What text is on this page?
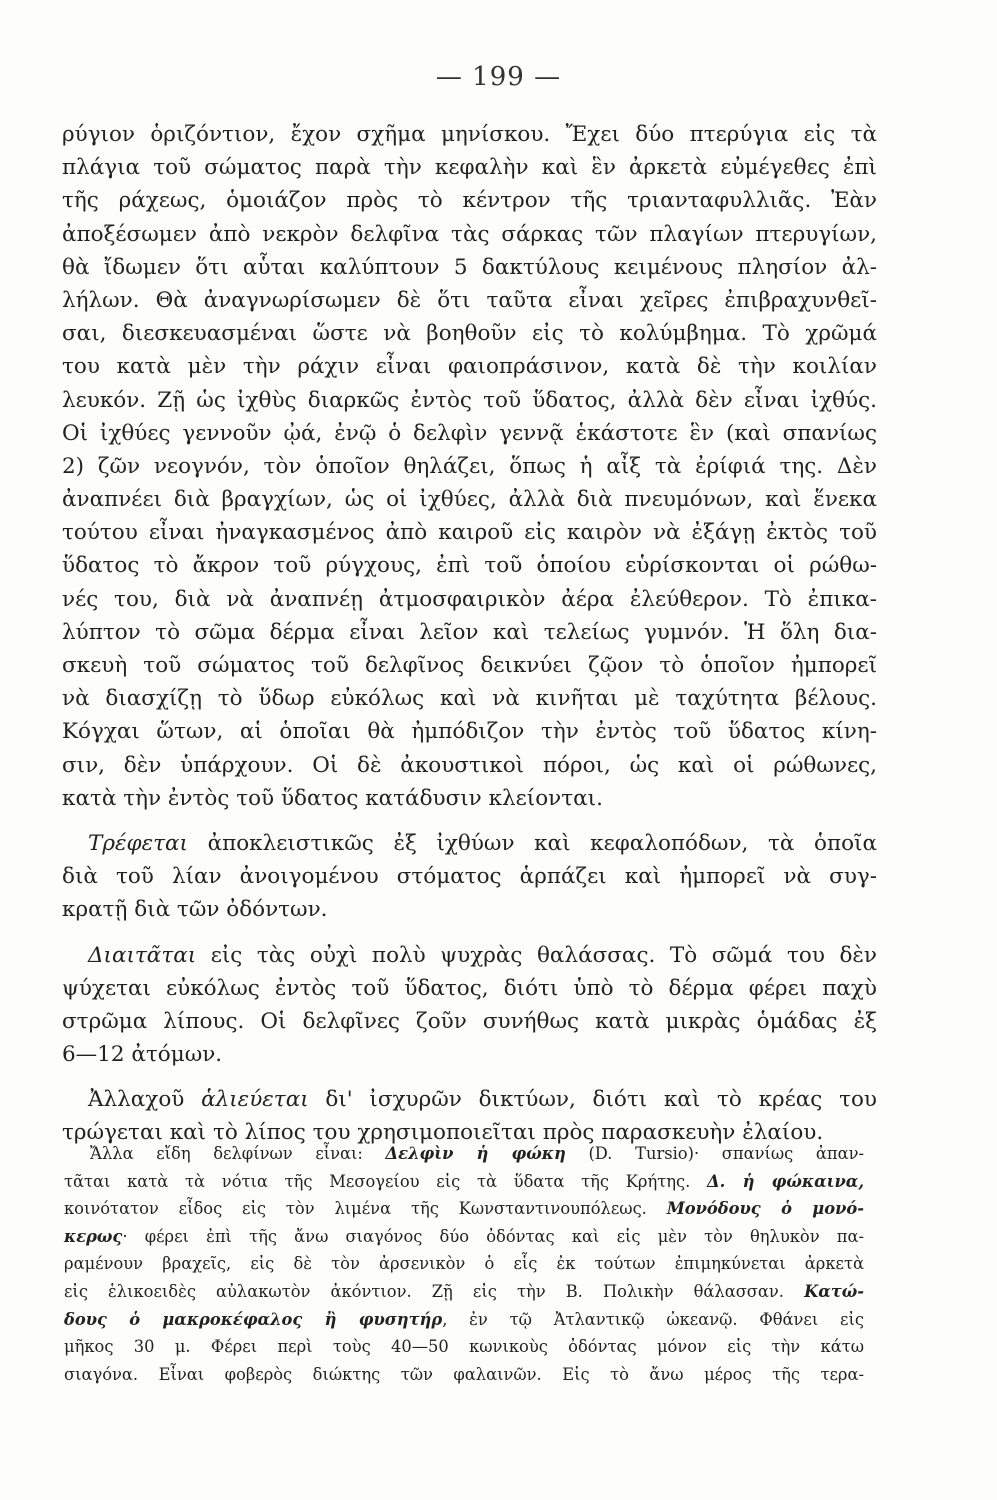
— 199 —
ρύγιον ὁριζόντιον, ἔχον σχῆμα μηνίσκου. Ἔχει δύο πτερύγια εἰς τὰ
πλάγια τοῦ σώματος παρὰ τὴν κεφαλὴν καὶ ἓν ἀρκετὰ εὐμέγεθες ἐπὶ
τῆς ράχεως, ὁμοιάζον πρὸς τὸ κέντρον τῆς τριανταφυλλιᾶς. Ἐὰν
ἀποξέσωμεν ἀπὸ νεκρὸν δελφῖνα τὰς σάρκας τῶν πλαγίων πτερυγίων,
θὰ ἴδωμεν ὅτι αὗται καλύπτουν 5 δακτύλους κειμένους πλησίον ἀλ-
λήλων. Θὰ ἀναγνωρίσωμεν δὲ ὅτι ταῦτα εἶναι χεῖρες ἐπιβραχυνθεῖ-
σαι, διεσκευασμέναι ὥστε νὰ βοηθοῦν εἰς τὸ κολύμβημα. Τὸ χρῶμά
του κατὰ μὲν τὴν ράχιν εἶναι φαιοπράσινον, κατὰ δὲ τὴν κοιλίαν
λευκόν. Ζῇ ὡς ἰχθὺς διαρκῶς ἐντὸς τοῦ ὕδατος, ἀλλὰ δὲν εἶναι ἰχθύς.
Οἱ ἰχθύες γεννοῦν ᾠά, ἐνῷ ὁ δελφὶν γεννᾷ ἑκάστοτε ἓν (καὶ σπανίως
2) ζῶν νεογνόν, τὸν ὁποῖον θηλάζει, ὅπως ἡ αἶξ τὰ ἐρίφιά της. Δὲν
ἀναπνέει διὰ βραγχίων, ὡς οἱ ἰχθύες, ἀλλὰ διὰ πνευμόνων, καὶ ἕνεκα
τούτου εἶναι ἠναγκασμένος ἀπὸ καιροῦ εἰς καιρὸν νὰ ἐξάγῃ ἐκτὸς τοῦ
ὕδατος τὸ ἄκρον τοῦ ρύγχους, ἐπὶ τοῦ ὁποίου εὑρίσκονται οἱ ρώθω-
νές του, διὰ νὰ ἀναπνέῃ ἀτμοσφαιρικὸν ἀέρα ἐλεύθερον. Τὸ ἐπικα-
λύπτον τὸ σῶμα δέρμα εἶναι λεῖον καὶ τελείως γυμνόν. Ἡ ὅλη δια-
σκευὴ τοῦ σώματος τοῦ δελφῖνος δεικνύει ζῷον τὸ ὁποῖον ἠμπορεῖ
νὰ διασχίζῃ τὸ ὕδωρ εὐκόλως καὶ νὰ κινῆται μὲ ταχύτητα βέλους.
Κόγχαι ὥτων, αἱ ὁποῖαι θὰ ἠμπόδιζον τὴν ἐντὸς τοῦ ὕδατος κίνη-
σιν, δὲν ὑπάρχουν. Οἱ δὲ ἀκουστικοὶ πόροι, ὡς καὶ οἱ ρώθωνες,
κατὰ τὴν ἐντὸς τοῦ ὕδατος κατάδυσιν κλείονται.
Τρέφεται ἀποκλειστικῶς ἐξ ἰχθύων καὶ κεφαλοπόδων, τὰ ὁποῖα
διὰ τοῦ λίαν ἀνοιγομένου στόματος ἁρπάζει καὶ ἠμπορεῖ νὰ συγ-
κρατῇ διὰ τῶν ὀδόντων.
Διαιτᾶται εἰς τὰς οὐχὶ πολὺ ψυχρὰς θαλάσσας. Τὸ σῶμά του δὲν
ψύχεται εὐκόλως ἐντὸς τοῦ ὕδατος, διότι ὑπὸ τὸ δέρμα φέρει παχὺ
στρῶμα λίπους. Οἱ δελφῖνες ζοῦν συνήθως κατὰ μικρὰς ὁμάδας ἐξ
6—12 ἀτόμων.
Ἀλλαχοῦ ἁλιεύεται δι' ἰσχυρῶν δικτύων, διότι καὶ τὸ κρέας του
τρώγεται καὶ τὸ λίπος του χρησιμοποιεῖται πρὸς παρασκευὴν ἐλαίου.
Ἄλλα εἴδη δελφίνων εἶναι: Δελφὶν ἡ φώκη (D. Tursio)· σπανίως ἀπαν-
τᾶται κατὰ τὰ νότια τῆς Μεσογείου εἰς τὰ ὕδατα τῆς Κρήτης. Δ. ἡ φώκαινα,
κοινότατον εἶδος εἰς τὸν λιμένα τῆς Κωνσταντινουπόλεως. Μονόδους ὁ μονό-
κερως· φέρει ἐπὶ τῆς ἄνω σιαγόνος δύο ὀδόντας καὶ εἰς μὲν τὸν θηλυκὸν πα-
ραμένουν βραχεῖς, εἰς δὲ τὸν ἀρσενικὸν ὁ εἷς ἐκ τούτων ἐπιμηκύνεται ἀρκετὰ
εἰς ἑλικοειδὲς αὐλακωτὸν ἀκόντιον. Ζῇ εἰς τὴν Β. Πολικὴν θάλασσαν. Κατώ-
δους ὁ μακροκέφαλος ἢ φυσητήρ, ἐν τῷ Ἀτλαντικῷ ὠκεανῷ. Φθάνει εἰς
μῆκος 30 μ. Φέρει περὶ τοὺς 40—50 κωνικοὺς ὀδόντας μόνον εἰς τὴν κάτω
σιαγόνα. Εἶναι φοβερὸς διώκτης τῶν φαλαινῶν. Εἰς τὸ ἄνω μέρος τῆς τερα-
